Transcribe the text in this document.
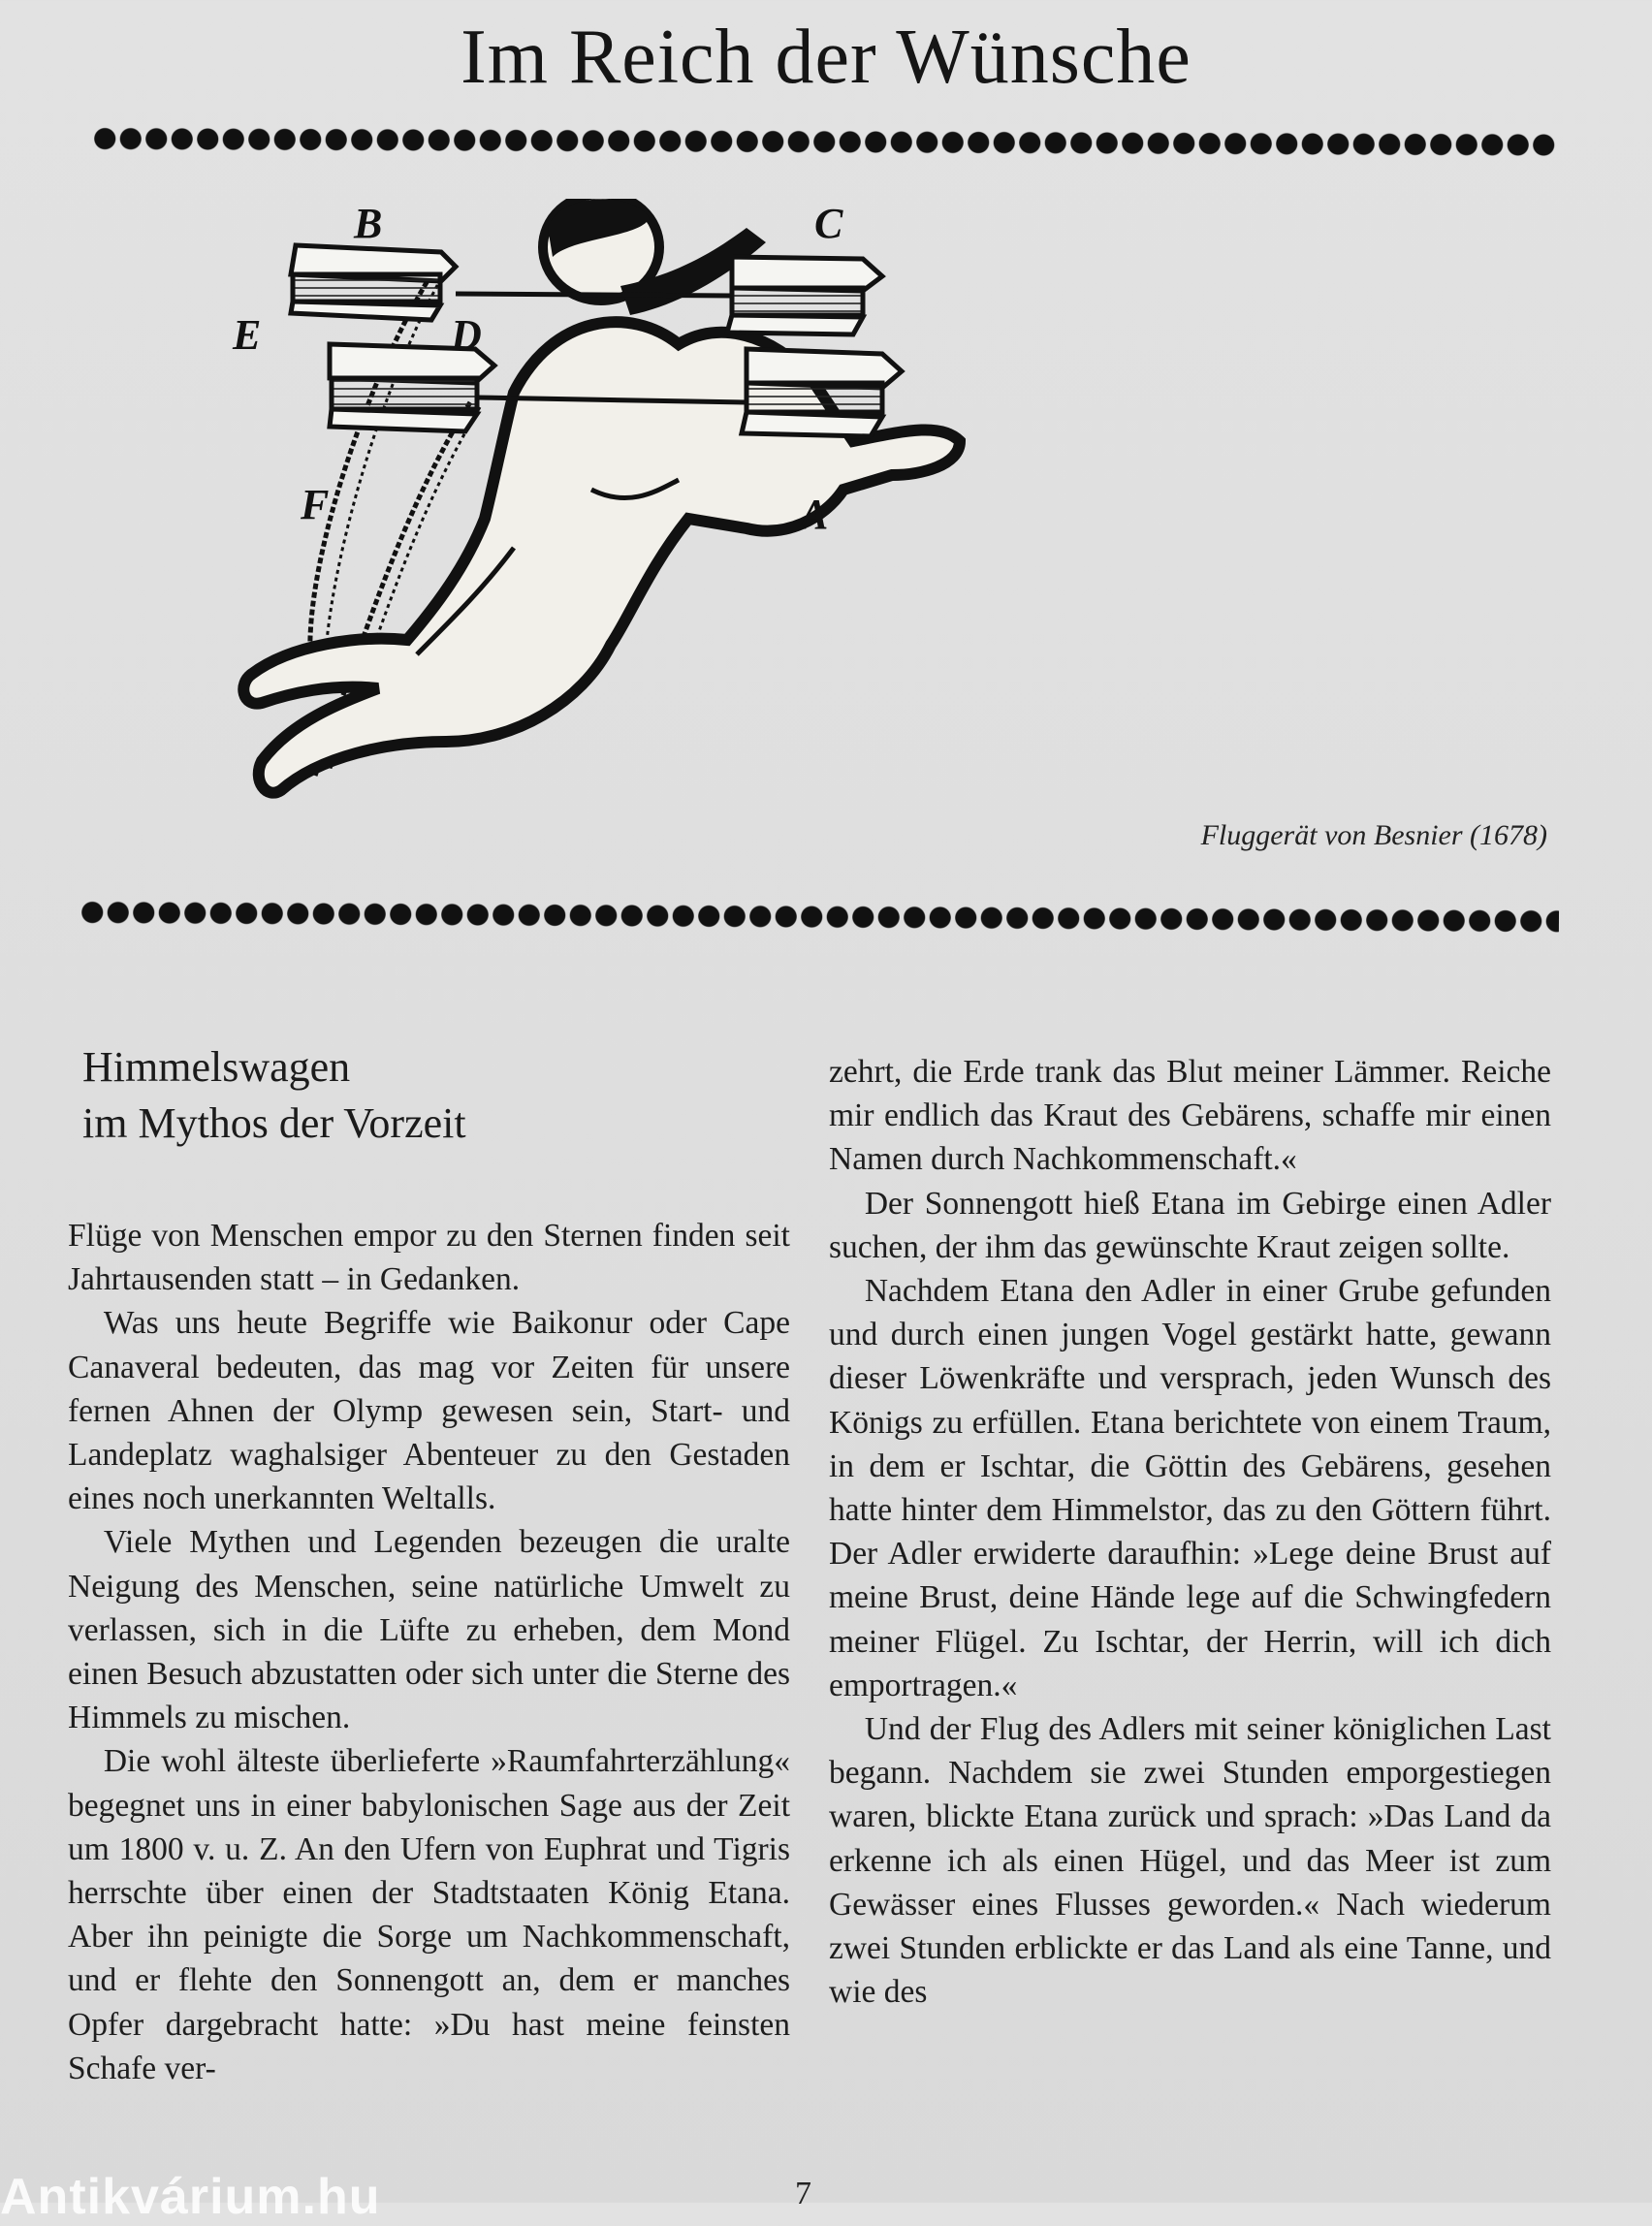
Im Reich der Wünsche
B	C
E	D
F	A
Fluggerät von Besnier (1678)
Himmelswagen
im Mythos der Vorzeit

Flüge von Menschen empor zu den Sternen finden seit Jahrtausenden statt – in Gedanken.

Was uns heute Begriffe wie Baikonur oder Cape Canaveral bedeuten, das mag vor Zeiten für unsere fernen Ahnen der Olymp gewesen sein, Start- und Landeplatz waghalsiger Abenteuer zu den Gestaden eines noch unerkannten Weltalls.

Viele Mythen und Legenden bezeugen die uralte Neigung des Menschen, seine natürliche Umwelt zu verlassen, sich in die Lüfte zu erheben, dem Mond einen Besuch abzustatten oder sich unter die Sterne des Himmels zu mischen.

Die wohl älteste überlieferte »Raumfahrterzählung« begegnet uns in einer babylonischen Sage aus der Zeit um 1800 v. u. Z. An den Ufern von Euphrat und Tigris herrschte über einen der Stadtstaaten König Etana. Aber ihn peinigte die Sorge um Nachkommenschaft, und er flehte den Sonnengott an, dem er manches Opfer dargebracht hatte: »Du hast meine feinsten Schafe ver-

zehrt, die Erde trank das Blut meiner Lämmer. Reiche mir endlich das Kraut des Gebärens, schaffe mir einen Namen durch Nachkommenschaft.«

Der Sonnengott hieß Etana im Gebirge einen Adler suchen, der ihm das gewünschte Kraut zeigen sollte.

Nachdem Etana den Adler in einer Grube gefunden und durch einen jungen Vogel gestärkt hatte, gewann dieser Löwenkräfte und versprach, jeden Wunsch des Königs zu erfüllen. Etana berichtete von einem Traum, in dem er Ischtar, die Göttin des Gebärens, gesehen hatte hinter dem Himmelstor, das zu den Göttern führt. Der Adler erwiderte daraufhin: »Lege deine Brust auf meine Brust, deine Hände lege auf die Schwingfedern meiner Flügel. Zu Ischtar, der Herrin, will ich dich emportragen.«

Und der Flug des Adlers mit seiner königlichen Last begann. Nachdem sie zwei Stunden emporgestiegen waren, blickte Etana zurück und sprach: »Das Land da erkenne ich als einen Hügel, und das Meer ist zum Gewässer eines Flusses geworden.« Nach wiederum zwei Stunden erblickte er das Land als eine Tanne, und wie des

Antikvárium.hu	7
